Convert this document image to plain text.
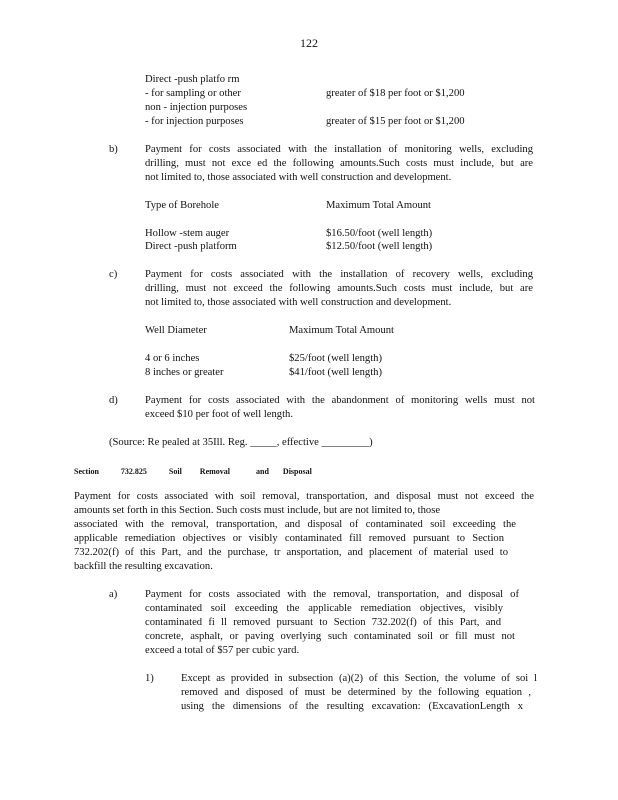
122
Direct -push platfo rm
- for sampling or other	greater of $18 per foot or $1,200
non - injection purposes
- for injection purposes	greater of $15 per foot or $1,200
b)	Payment for costs associated with the installation of monitoring wells, excluding
drilling, must not exce ed the following amounts.Such costs must include, but are
not limited to, those associated with well construction and development.
Type of Borehole	Maximum Total Amount
Hollow -stem auger	$16.50/foot (well length)
Direct -push platform	$12.50/foot (well length)
c)	Payment for costs associated with the installation of recovery wells, excluding
drilling, must not exceed the following amounts.Such costs must include, but are
not limited to, those associated with well construction and development.
Well Diameter	Maximum Total Amount
4 or 6 inches	$25/foot (well length)
8 inches or greater	$41/foot (well length)
d)	Payment for costs associated with the abandonment of monitoring wells must not
exceed $10 per foot of well length.
(Source: Re pealed at 35Ill. Reg. _____, effective _________)
Section	732.825	Soil Removal	and Disposal
Payment for costs associated with soil removal, transportation, and disposal must not exceed the
amounts set forth in this Section. Such costs must include, but are not limited to, those
associated with the removal, transportation, and disposal of contaminated soil exceeding the
applicable remediation objectives or visibly contaminated fill removed pursuant to Section
732.202(f) of this Part, and the purchase, tr ansportation, and placement of material used to
backfill the resulting excavation.
a)	Payment for costs associated with the removal, transportation, and disposal of
contaminated soil exceeding the applicable remediation objectives, visibly
contaminated fi ll removed pursuant to Section 732.202(f) of this Part, and
concrete, asphalt, or paving overlying such contaminated soil or fill must not
exceed a total of $57 per cubic yard.
1)	Except as provided in subsection (a)(2) of this Section, the volume of soi l
removed and disposed of must be determined by the following equation ,
using the dimensions of the resulting excavation: (ExcavationLength x
